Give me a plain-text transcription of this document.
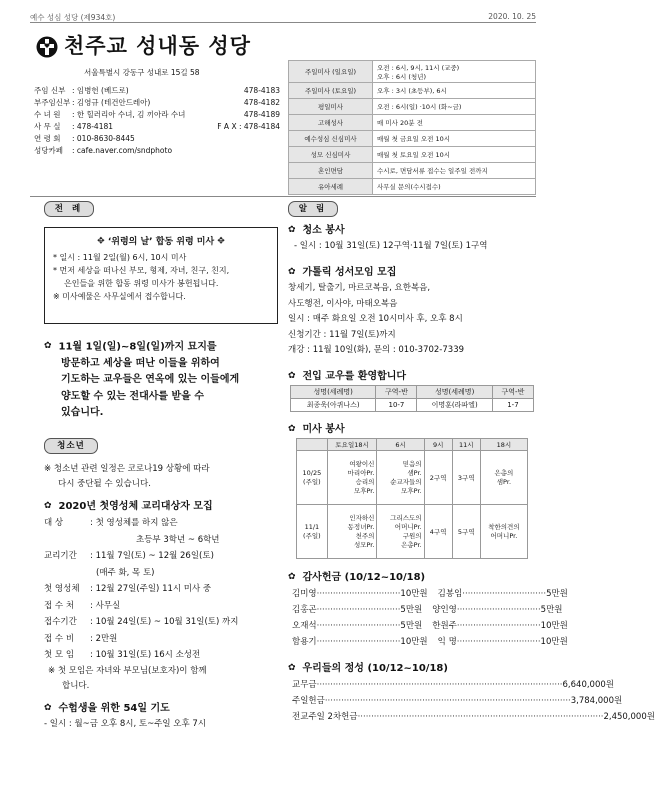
예수 성심 성당 (제934호)	2020. 10. 25
천주교 성내동 성당
서울특별시 강동구 성내로 15길 58
주임 신부 : 임병헌 (베드로)	478-4183
부주임신부 : 김영규 (테건안드레아)	478-4182
수 녀 원 : 한 힐러리아 수녀, 김 끼아라 수녀	478-4189
사 무 실 : 478-4181	F A X : 478-4184
연 령 회 : 010-8630-8445
성당카페 : cafe.naver.com/sndphoto
주일미사 (일요일)	오전 : 6시, 9시, 11시 (교중)
오후 : 6시 (청년)
주일미사 (토요일)	오후 : 3시 (초등부), 6시
평일미사	오전 : 6시(일) ·10시 (화~금)
고해성사	매 미사 20분 전
예수성심 신심미사	매월 첫 금요일 오전 10시
성모 신심미사	매월 첫 토요일 오전 10시
혼인면담	수시로, 면담서류 접수는 일주일 전까지
유아세례	사무실 문의(수시접수)
전 례	알 림
✥ ‘위령의 날’ 합동 위령 미사 ✥
* 일시 : 11월 2일(월) 6시, 10시 미사
* 먼저 세상을 떠나신 부모, 형제, 자녀, 친구, 친지,
은인들을 위한 합동 위령 미사가 봉헌됩니다.
※ 미사예물은 사무실에서 접수합니다.
✿ 11월 1일(일)~8일(일)까지 묘지를
방문하고 세상을 떠난 이들을 위하여
기도하는 교우들은 연옥에 있는 이들에게
양도할 수 있는 전대사를 받을 수
있습니다.
청소년
※ 청소년 관련 일정은 코로나19 상황에 따라
다시 중단될 수 있습니다.
✿ 2020년 첫영성체 교리대상자 모집
대 상	: 첫 영성체를 하지 않은
초등부 3학년 ~ 6학년
교리기간 : 11월 7일(토) ~ 12월 26일(토)
(매주 화, 목 토)
첫 영성체 : 12월 27일(주일) 11시 미사 중
접 수 처 : 사무실
접수기간 : 10월 24일(토) ~ 10월 31일(토) 까지
접 수 비 : 2만원
첫 모 임 : 10월 31일(토) 16시 소성전
※ 첫 모임은 자녀와 부모님(보호자)이 함께
합니다.
✿ 수험생을 위한 54일 기도
- 일시 : 월~금 오후 8시, 토~주일 오후 7시
✿ 청소 봉사
- 일시 : 10월 31일(토) 12구역·11월 7일(토) 1구역
✿ 가톨릭 성서모임 모집
창세기, 탈출기, 마르코복음, 요한복음,
사도행전, 이사야, 마태오복음
일시 : 매주 화요일 오전 10시미사 후, 오후 8시
신청기간 : 11월 7일(토)까지
개강 : 11월 10일(화), 문의 : 010-3702-7339
✿ 전입 교우를 환영합니다
성명(세례명)	구역-반	성명(세례명)	구역-반
최종욱(아퀴나스)	10-7	이명훈(라파엘)	1-7
✿ 미사 봉사
	토요일18시	6시	9시	11시	18시
10/25
(주일)	여왕이신
마리아Pr.
승리의
모후Pr.	믿음의
샘Pr.
순교자들의
모후Pr.	2구역	3구역	은총의
샘Pr.
11/1
(주일)	인자하신
동정녀Pr.
천주의
성모Pr.	그리스도의
어머니Pr.
구원의
은총Pr.	4구역	5구역	착한의견의
어머니Pr.
✿ 감사헌금 (10/12~10/18)
김미영 ······························· 10만원 김봉임 ······························· 5만원
김홍곤 ······························· 5만원 양인영 ······························· 5만원
오재석 ······························· 5만원 한원주 ······························· 10만원
함용기 ······························· 10만원 익 명 ······························· 10만원
✿ 우리들의 정성 (10/12~10/18)
교무금 ··························································································· 6,640,000원
주일헌금 ··························································································· 3,784,000원
전교주일 2차헌금 ··························································································· 2,450,000원
